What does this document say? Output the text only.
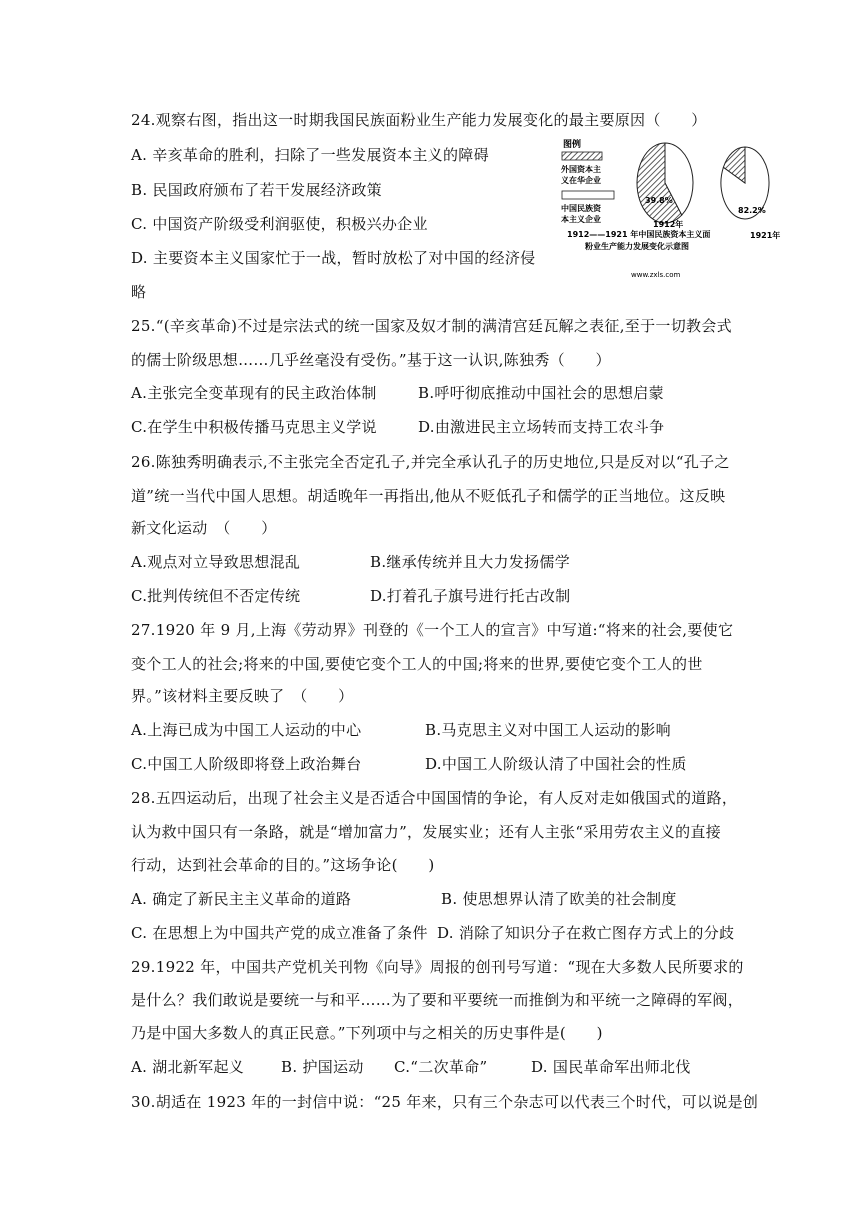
24.观察右图，指出这一时期我国民族面粉业生产能力发展变化的最主要原因（　　）
A. 辛亥革命的胜利，扫除了一些发展资本主义的障碍
B. 民国政府颁布了若干发展经济政策
C. 中国资产阶级受利润驱使，积极兴办企业
D. 主要资本主义国家忙于一战，暂时放松了对中国的经济侵
略
图例
外国资本主
义在华企业
中国民族资
本主义企业
1912年
1921年
39.8%
82.2%
1912——1921 年中国民族资本主义面
粉业生产能力发展变化示意图
www.zxls.com
25.“(辛亥革命)不过是宗法式的统一国家及奴才制的满清宫廷瓦解之表征,至于一切教会式
的儒士阶级思想……几乎丝毫没有受伤。”基于这一认识,陈独秀（　　）
A.主张完全变革现有的民主政治体制	B.呼吁彻底推动中国社会的思想启蒙
C.在学生中积极传播马克思主义学说	D.由激进民主立场转而支持工农斗争
26.陈独秀明确表示,不主张完全否定孔子,并完全承认孔子的历史地位,只是反对以“孔子之
道”统一当代中国人思想。胡适晚年一再指出,他从不贬低孔子和儒学的正当地位。这反映
新文化运动　（　　）
A.观点对立导致思想混乱	B.继承传统并且大力发扬儒学
C.批判传统但不否定传统	D.打着孔子旗号进行托古改制
27.1920 年 9 月,上海《劳动界》刊登的《一个工人的宣言》中写道:“将来的社会,要使它
变个工人的社会;将来的中国,要使它变个工人的中国;将来的世界,要使它变个工人的世
界。”该材料主要反映了　（　　）
A.上海已成为中国工人运动的中心	B.马克思主义对中国工人运动的影响
C.中国工人阶级即将登上政治舞台	D.中国工人阶级认清了中国社会的性质
28.五四运动后，出现了社会主义是否适合中国国情的争论，有人反对走如俄国式的道路，
认为救中国只有一条路，就是“增加富力”，发展实业；还有人主张“采用劳农主义的直接
行动，达到社会革命的目的。”这场争论(　　)
A. 确定了新民主主义革命的道路	B. 使思想界认清了欧美的社会制度
C. 在思想上为中国共产党的成立准备了条件 D. 消除了知识分子在救亡图存方式上的分歧
29.1922 年，中国共产党机关刊物《向导》周报的创刊号写道：“现在大多数人民所要求的
是什么？我们敢说是要统一与和平……为了要和平要统一而推倒为和平统一之障碍的军阀，
乃是中国大多数人的真正民意。”下列项中与之相关的历史事件是(　　)
A. 湖北新军起义 B. 护国运动 C.“二次革命”	D. 国民革命军出师北伐
30.胡适在 1923 年的一封信中说：“25 年来，只有三个杂志可以代表三个时代，可以说是创
